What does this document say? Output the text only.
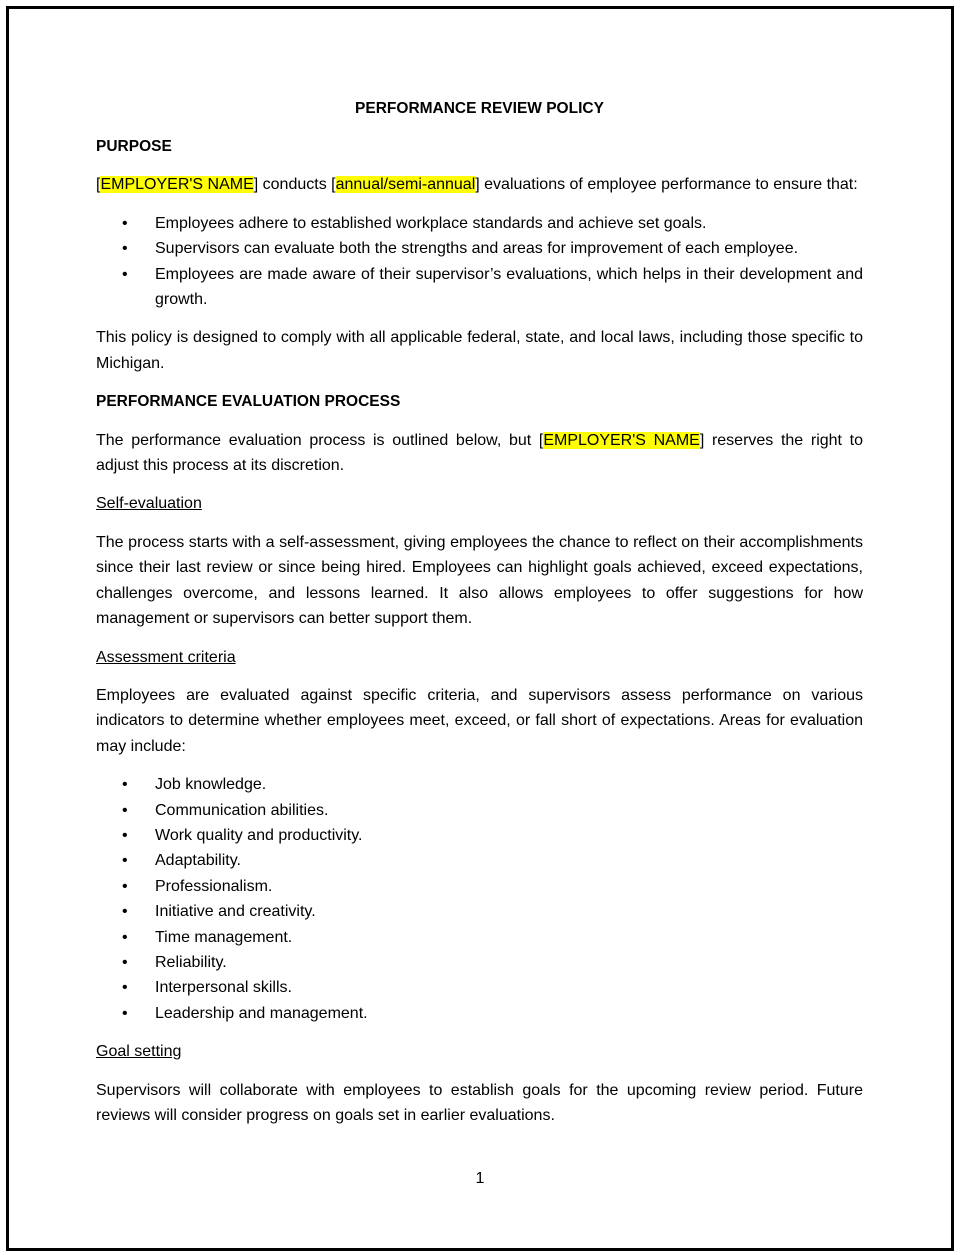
PERFORMANCE REVIEW POLICY
PURPOSE

[EMPLOYER'S NAME] conducts [annual/semi-annual] evaluations of employee performance to ensure that:

• Employees adhere to established workplace standards and achieve set goals.
• Supervisors can evaluate both the strengths and areas for improvement of each employee.
• Employees are made aware of their supervisor’s evaluations, which helps in their development and growth.

This policy is designed to comply with all applicable federal, state, and local laws, including those specific to Michigan.

PERFORMANCE EVALUATION PROCESS

The performance evaluation process is outlined below, but [EMPLOYER'S NAME] reserves the right to adjust this process at its discretion.

Self-evaluation

The process starts with a self-assessment, giving employees the chance to reflect on their accomplishments since their last review or since being hired. Employees can highlight goals achieved, exceed expectations, challenges overcome, and lessons learned. It also allows employees to offer suggestions for how management or supervisors can better support them.

Assessment criteria

Employees are evaluated against specific criteria, and supervisors assess performance on various indicators to determine whether employees meet, exceed, or fall short of expectations. Areas for evaluation may include:

• Job knowledge.
• Communication abilities.
• Work quality and productivity.
• Adaptability.
• Professionalism.
• Initiative and creativity.
• Time management.
• Reliability.
• Interpersonal skills.
• Leadership and management.
Goal setting

Supervisors will collaborate with employees to establish goals for the upcoming review period. Future reviews will consider progress on goals set in earlier evaluations.

1
